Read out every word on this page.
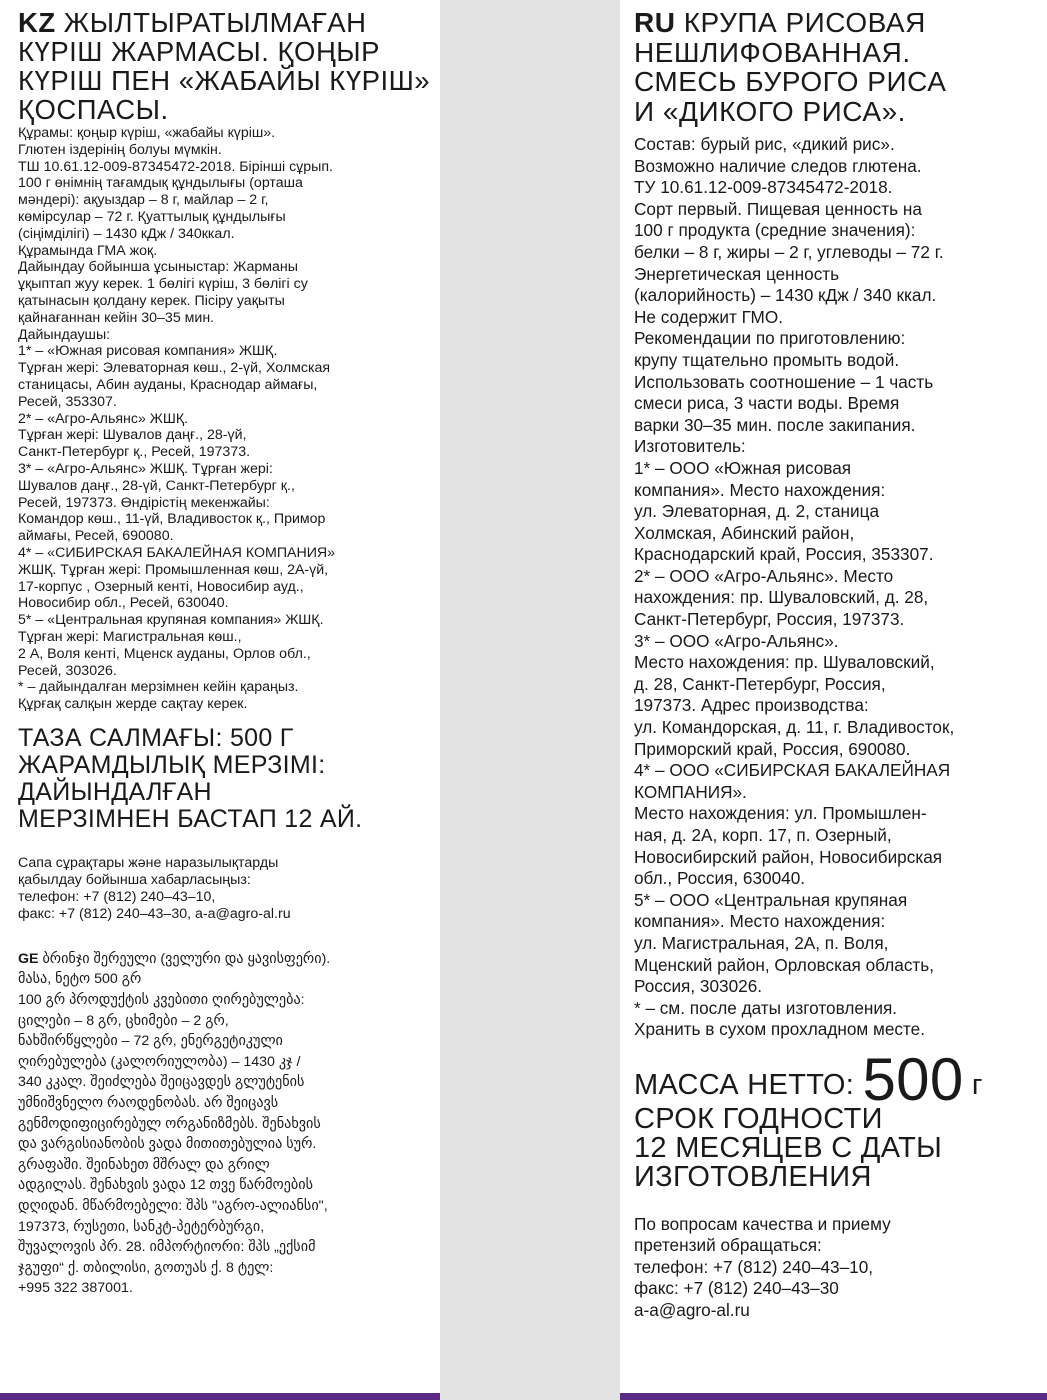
KZ ЖЫЛТЫРАТЫЛМАҒАН КҮРІШ ЖАРМАСЫ. ҚОҢЫР КҮРІШ ПЕН «ЖАБАЙЫ КҮРІШ» ҚОСПАСЫ.
Құрамы: қоңыр күріш, «жабайы күріш».
Глютен іздерінің болуы мүмкін.
ТШ 10.61.12-009-87345472-2018. Бірінші сұрып.
100 г өнімнің тағамдық құндылығы (орташа
мәндері): ақуыздар – 8 г, майлар – 2 г,
көмірсулар – 72 г. Қуаттылық құндылығы
(сіңімділігі) – 1430 кДж / 340ккал.
Құрамында ГМА жоқ.
Дайындау бойынша ұсыныстар: Жарманы
ұқыптап жуу керек. 1 бөлігі күріш, 3 бөлігі су
қатынасын қолдану керек. Пісіру уақыты
қайнағаннан кейін 30–35 мин.
Дайындаушы:
1* – «Южная рисовая компания» ЖШҚ.
Тұрған жері: Элеваторная көш., 2-үй, Холмская
станицасы, Абин ауданы, Краснодар аймағы,
Ресей, 353307.
2* – «Агро-Альянс» ЖШҚ.
Тұрған жері: Шувалов даңғ., 28-үй,
Санкт-Петербург қ., Ресей, 197373.
3* – «Агро-Альянс» ЖШҚ. Тұрған жері:
Шувалов даңғ., 28-үй, Санкт-Петербург қ.,
Ресей, 197373. Өндірістің мекенжайы:
Командор көш., 11-үй, Владивосток қ., Примор
аймағы, Ресей, 690080.
4* – «СИБИРСКАЯ БАКАЛЕЙНАЯ КОМПАНИЯ»
ЖШҚ. Тұрған жері: Промышленная көш, 2А-үй,
17-корпус , Озерный кенті, Новосибир ауд.,
Новосибир обл., Ресей, 630040.
5* – «Центральная крупяная компания» ЖШҚ.
Тұрған жері: Магистральная көш.,
2 А, Воля кенті, Мценск ауданы, Орлов обл.,
Ресей, 303026.
* – дайындалған мерзімнен кейін қараңыз.
Құрғақ салқын жерде сақтау керек.
ТАЗА САЛМАҒЫ: 500 Г
ЖАРАМДЫЛЫҚ МЕРЗІМІ:
ДАЙЫНДАЛҒАН
МЕРЗІМНЕН БАСТАП 12 АЙ.
Сапа сұрақтары және наразылықтарды
қабылдау бойынша хабарласыңыз:
телефон: +7 (812) 240–43–10,
факс: +7 (812) 240–43–30, a-a@agro-al.ru
GE ბრინჯი შერეული (ველური და ყავისფერი).
მასა, ნეტო 500 გრ
100 გრ პროდუქტის კვებითი ღირებულება:
ცილები – 8 გრ, ცხიმები – 2 გრ,
ნახშირწყლები – 72 გრ, ენერგეტიკული
ღირებულება (კალორიულობა) – 1430 კჯ /
340 კკალ. შეიძლება შეიცავდეს გლუტენის
უმნიშვნელო რაოდენობას. არ შეიცავს
გენმოდიფიცირებულ ორგანიზმებს. შენახვის
და ვარგისიანობის ვადა მითითებულია სურ.
გრაფაში. შეინახეთ მშრალ და გრილ
ადგილას. შენახვის ვადა 12 თვე წარმოების
დღიდან. მწარმოებელი: შპს "აგრო-ალიანსი",
197373, რუსეთი, სანკტ-პეტერბურგი,
შუვალოვის პრ. 28. იმპორტიორი: შპს „ექსიმ
ჯგუფი“ ქ. თბილისი, გოთუას ქ. 8 ტელ:
+995 322 387001.
RU КРУПА РИСОВАЯ
НЕШЛИФОВАННАЯ.
СМЕСЬ БУРОГО РИСА
И «ДИКОГО РИСА».
Состав: бурый рис, «дикий рис».
Возможно наличие следов глютена.
ТУ 10.61.12-009-87345472-2018.
Сорт первый. Пищевая ценность на
100 г продукта (средние значения):
белки – 8 г, жиры – 2 г, углеводы – 72 г.
Энергетическая ценность
(калорийность) – 1430 кДж / 340 ккал.
Не содержит ГМО.
Рекомендации по приготовлению:
крупу тщательно промыть водой.
Использовать соотношение – 1 часть
смеси риса, 3 части воды. Время
варки 30–35 мин. после закипания.
Изготовитель:
1* – ООО «Южная рисовая
компания». Место нахождения:
ул. Элеваторная, д. 2, станица
Холмская, Абинский район,
Краснодарский край, Россия, 353307.
2* – ООО «Агро-Альянс». Место
нахождения: пр. Шуваловский, д. 28,
Санкт-Петербург, Россия, 197373.
3* – ООО «Агро-Альянс».
Место нахождения: пр. Шуваловский,
д. 28, Санкт-Петербург, Россия,
197373. Адрес производства:
ул. Командорская, д. 11, г. Владивосток,
Приморский край, Россия, 690080.
4* – ООО «СИБИРСКАЯ БАКАЛЕЙНАЯ
КОМПАНИЯ».
Место нахождения: ул. Промышлен-
ная, д. 2А, корп. 17, п. Озерный,
Новосибирский район, Новосибирская
обл., Россия, 630040.
5* – ООО «Центральная крупяная
компания». Место нахождения:
ул. Магистральная, 2А, п. Воля,
Мценский район, Орловская область,
Россия, 303026.
* – см. после даты изготовления.
Хранить в сухом прохладном месте.
МАССА НЕТТО: 500 г
СРОК ГОДНОСТИ
12 МЕСЯЦЕВ С ДАТЫ
ИЗГОТОВЛЕНИЯ
По вопросам качества и приему
претензий обращаться:
телефон: +7 (812) 240–43–10,
факс: +7 (812) 240–43–30
a-a@agro-al.ru
